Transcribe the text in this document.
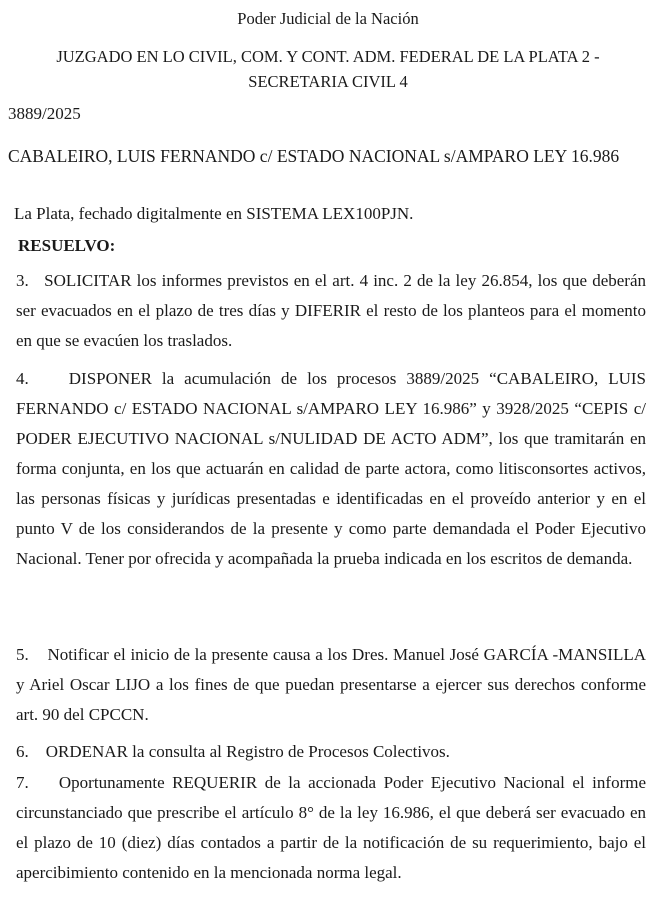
Poder Judicial de la Nación
JUZGADO EN LO CIVIL, COM. Y CONT. ADM. FEDERAL DE LA PLATA 2 -
SECRETARIA CIVIL 4
3889/2025
CABALEIRO, LUIS FERNANDO c/ ESTADO NACIONAL s/AMPARO LEY 16.986
La Plata, fechado digitalmente en SISTEMA LEX100PJN.
RESUELVO:
3. SOLICITAR los informes previstos en el art. 4 inc. 2 de la ley 26.854, los que deberán ser evacuados en el plazo de tres días y DIFERIR el resto de los planteos para el momento en que se evacúen los traslados.
4. DISPONER la acumulación de los procesos 3889/2025 “CABALEIRO, LUIS FERNANDO c/ ESTADO NACIONAL s/AMPARO LEY 16.986” y 3928/2025 “CEPIS c/ PODER EJECUTIVO NACIONAL s/NULIDAD DE ACTO ADM”, los que tramitarán en forma conjunta, en los que actuarán en calidad de parte actora, como litisconsortes activos, las personas físicas y jurídicas presentadas e identificadas en el proveído anterior y en el punto V de los considerandos de la presente y como parte demandada el Poder Ejecutivo Nacional. Tener por ofrecida y acompañada la prueba indicada en los escritos de demanda.
5. Notificar el inicio de la presente causa a los Dres. Manuel José GARCÍA -MANSILLA y Ariel Oscar LIJO a los fines de que puedan presentarse a ejercer sus derechos conforme art. 90 del CPCCN.
6. ORDENAR la consulta al Registro de Procesos Colectivos.
7. Oportunamente REQUERIR de la accionada Poder Ejecutivo Nacional el informe circunstanciado que prescribe el artículo 8° de la ley 16.986, el que deberá ser evacuado en el plazo de 10 (diez) días contados a partir de la notificación de su requerimiento, bajo el apercibimiento contenido en la mencionada norma legal.
